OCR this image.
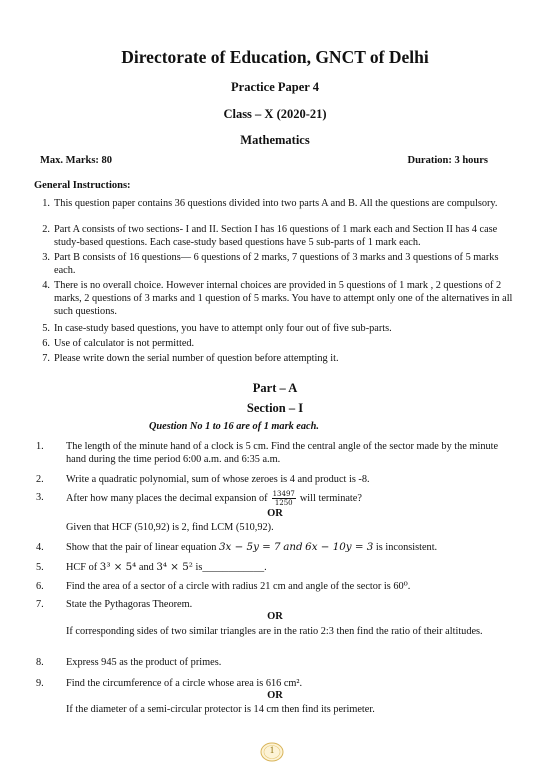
Directorate of Education, GNCT of Delhi
Practice Paper 4
Class – X (2020-21)
Mathematics
Max. Marks: 80	Duration: 3 hours
General Instructions:
1. This question paper contains 36 questions divided into two parts A and B. All the questions are compulsory.
2. Part A consists of two sections- I and II. Section I has 16 questions of 1 mark each and Section II has 4 case study-based questions. Each case-study based questions have 5 sub-parts of 1 mark each.
3. Part B consists of 16 questions— 6 questions of 2 marks, 7 questions of 3 marks and 3 questions of 5 marks each.
4. There is no overall choice. However internal choices are provided in 5 questions of 1 mark , 2 questions of 2 marks, 2 questions of 3 marks and 1 question of 5 marks. You have to attempt only one of the alternatives in all such questions.
5. In case-study based questions, you have to attempt only four out of five sub-parts.
6. Use of calculator is not permitted.
7. Please write down the serial number of question before attempting it.
Part – A
Section – I
Question No 1 to 16 are of 1 mark each.
1. The length of the minute hand of a clock is 5 cm. Find the central angle of the sector made by the minute hand during the time period 6:00 a.m. and 6:35 a.m.
2. Write a quadratic polynomial, sum of whose zeroes is 4 and product is -8.
3. After how many places the decimal expansion of $\frac{13497}{1250}$ will terminate?
OR
Given that HCF (510,92) is 2, find LCM (510,92).
4. Show that the pair of linear equation 3x − 5y = 7 and 6x − 10y = 3 is inconsistent.
5. HCF of 3³ × 5⁴ and 3⁴ × 5² is____________.
6. Find the area of a sector of a circle with radius 21 cm and angle of the sector is 60⁰.
7. State the Pythagoras Theorem.
OR
If corresponding sides of two similar triangles are in the ratio 2:3 then find the ratio of their altitudes.
8. Express 945 as the product of primes.
9. Find the circumference of a circle whose area is 616 cm².
OR
If the diameter of a semi-circular protector is 14 cm then find its perimeter.
1
